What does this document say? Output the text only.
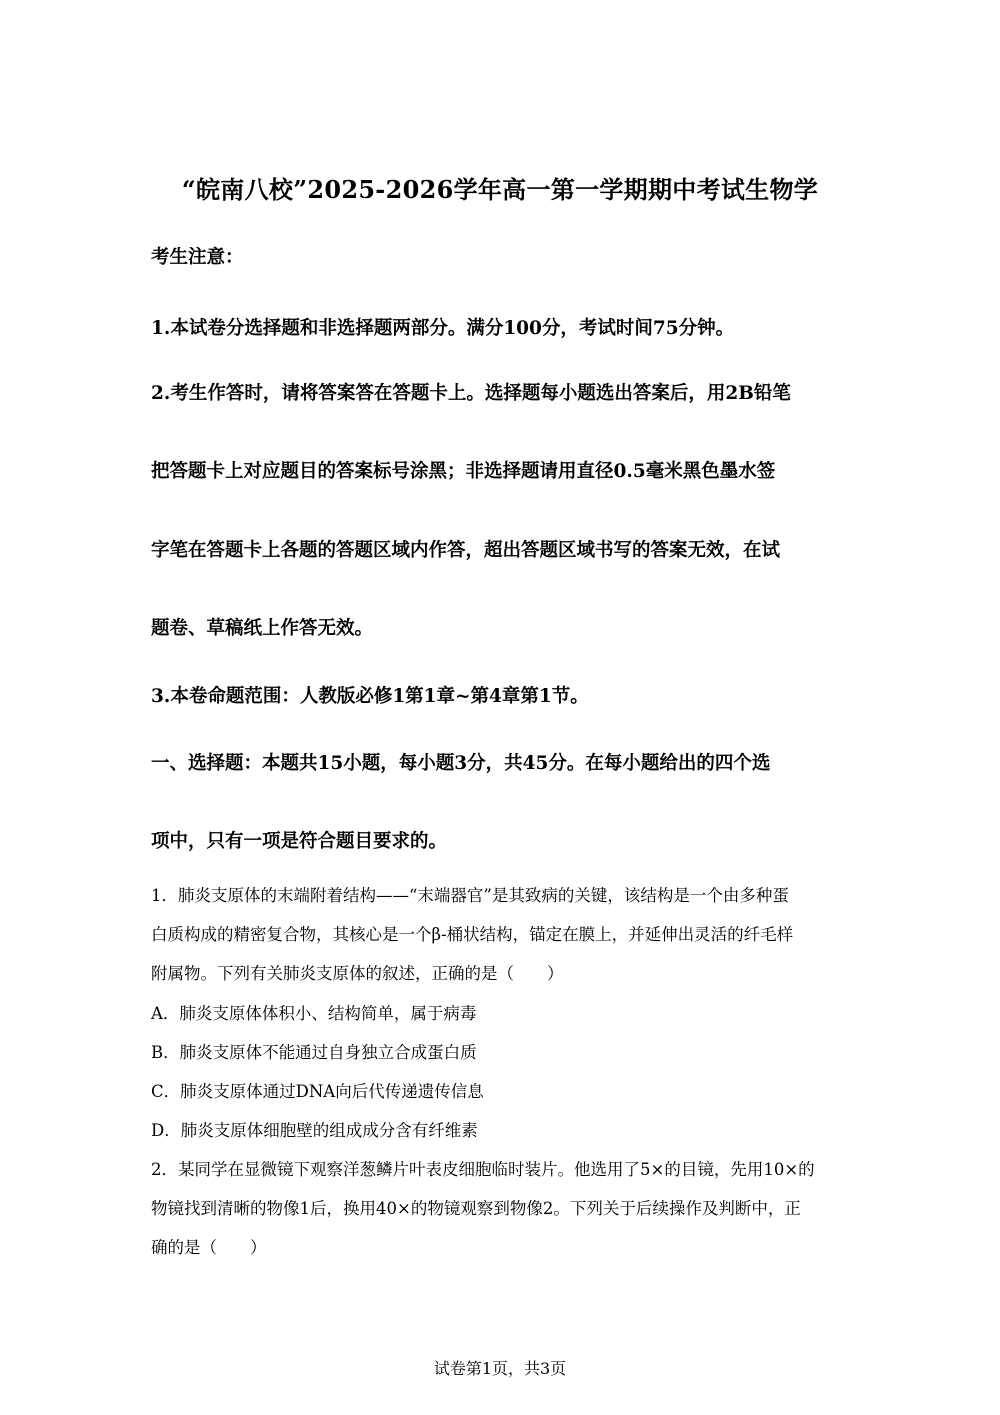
“皖南八校”2025-2026学年高一第一学期期中考试生物学
考生注意：
1.本试卷分选择题和非选择题两部分。满分100分，考试时间75分钟。
2.考生作答时，请将答案答在答题卡上。选择题每小题选出答案后，用2B铅笔
把答题卡上对应题目的答案标号涂黑；非选择题请用直径0.5毫米黑色墨水签
字笔在答题卡上各题的答题区域内作答，超出答题区域书写的答案无效，在试
题卷、草稿纸上作答无效。
3.本卷命题范围：人教版必修1第1章~第4章第1节。
一、选择题：本题共15小题，每小题3分，共45分。在每小题给出的四个选
项中，只有一项是符合题目要求的。
1．肺炎支原体的末端附着结构——“末端器官”是其致病的关键，该结构是一个由多种蛋
白质构成的精密复合物，其核心是一个β-桶状结构，锚定在膜上，并延伸出灵活的纤毛样
附属物。下列有关肺炎支原体的叙述，正确的是（　　）
A．肺炎支原体体积小、结构简单，属于病毒
B．肺炎支原体不能通过自身独立合成蛋白质
C．肺炎支原体通过DNA向后代传递遗传信息
D．肺炎支原体细胞壁的组成成分含有纤维素
2．某同学在显微镜下观察洋葱鳞片叶表皮细胞临时装片。他选用了5×的目镜，先用10×的
物镜找到清晰的物像1后，换用40×的物镜观察到物像2。下列关于后续操作及判断中，正
确的是（　　）
试卷第1页，共3页
